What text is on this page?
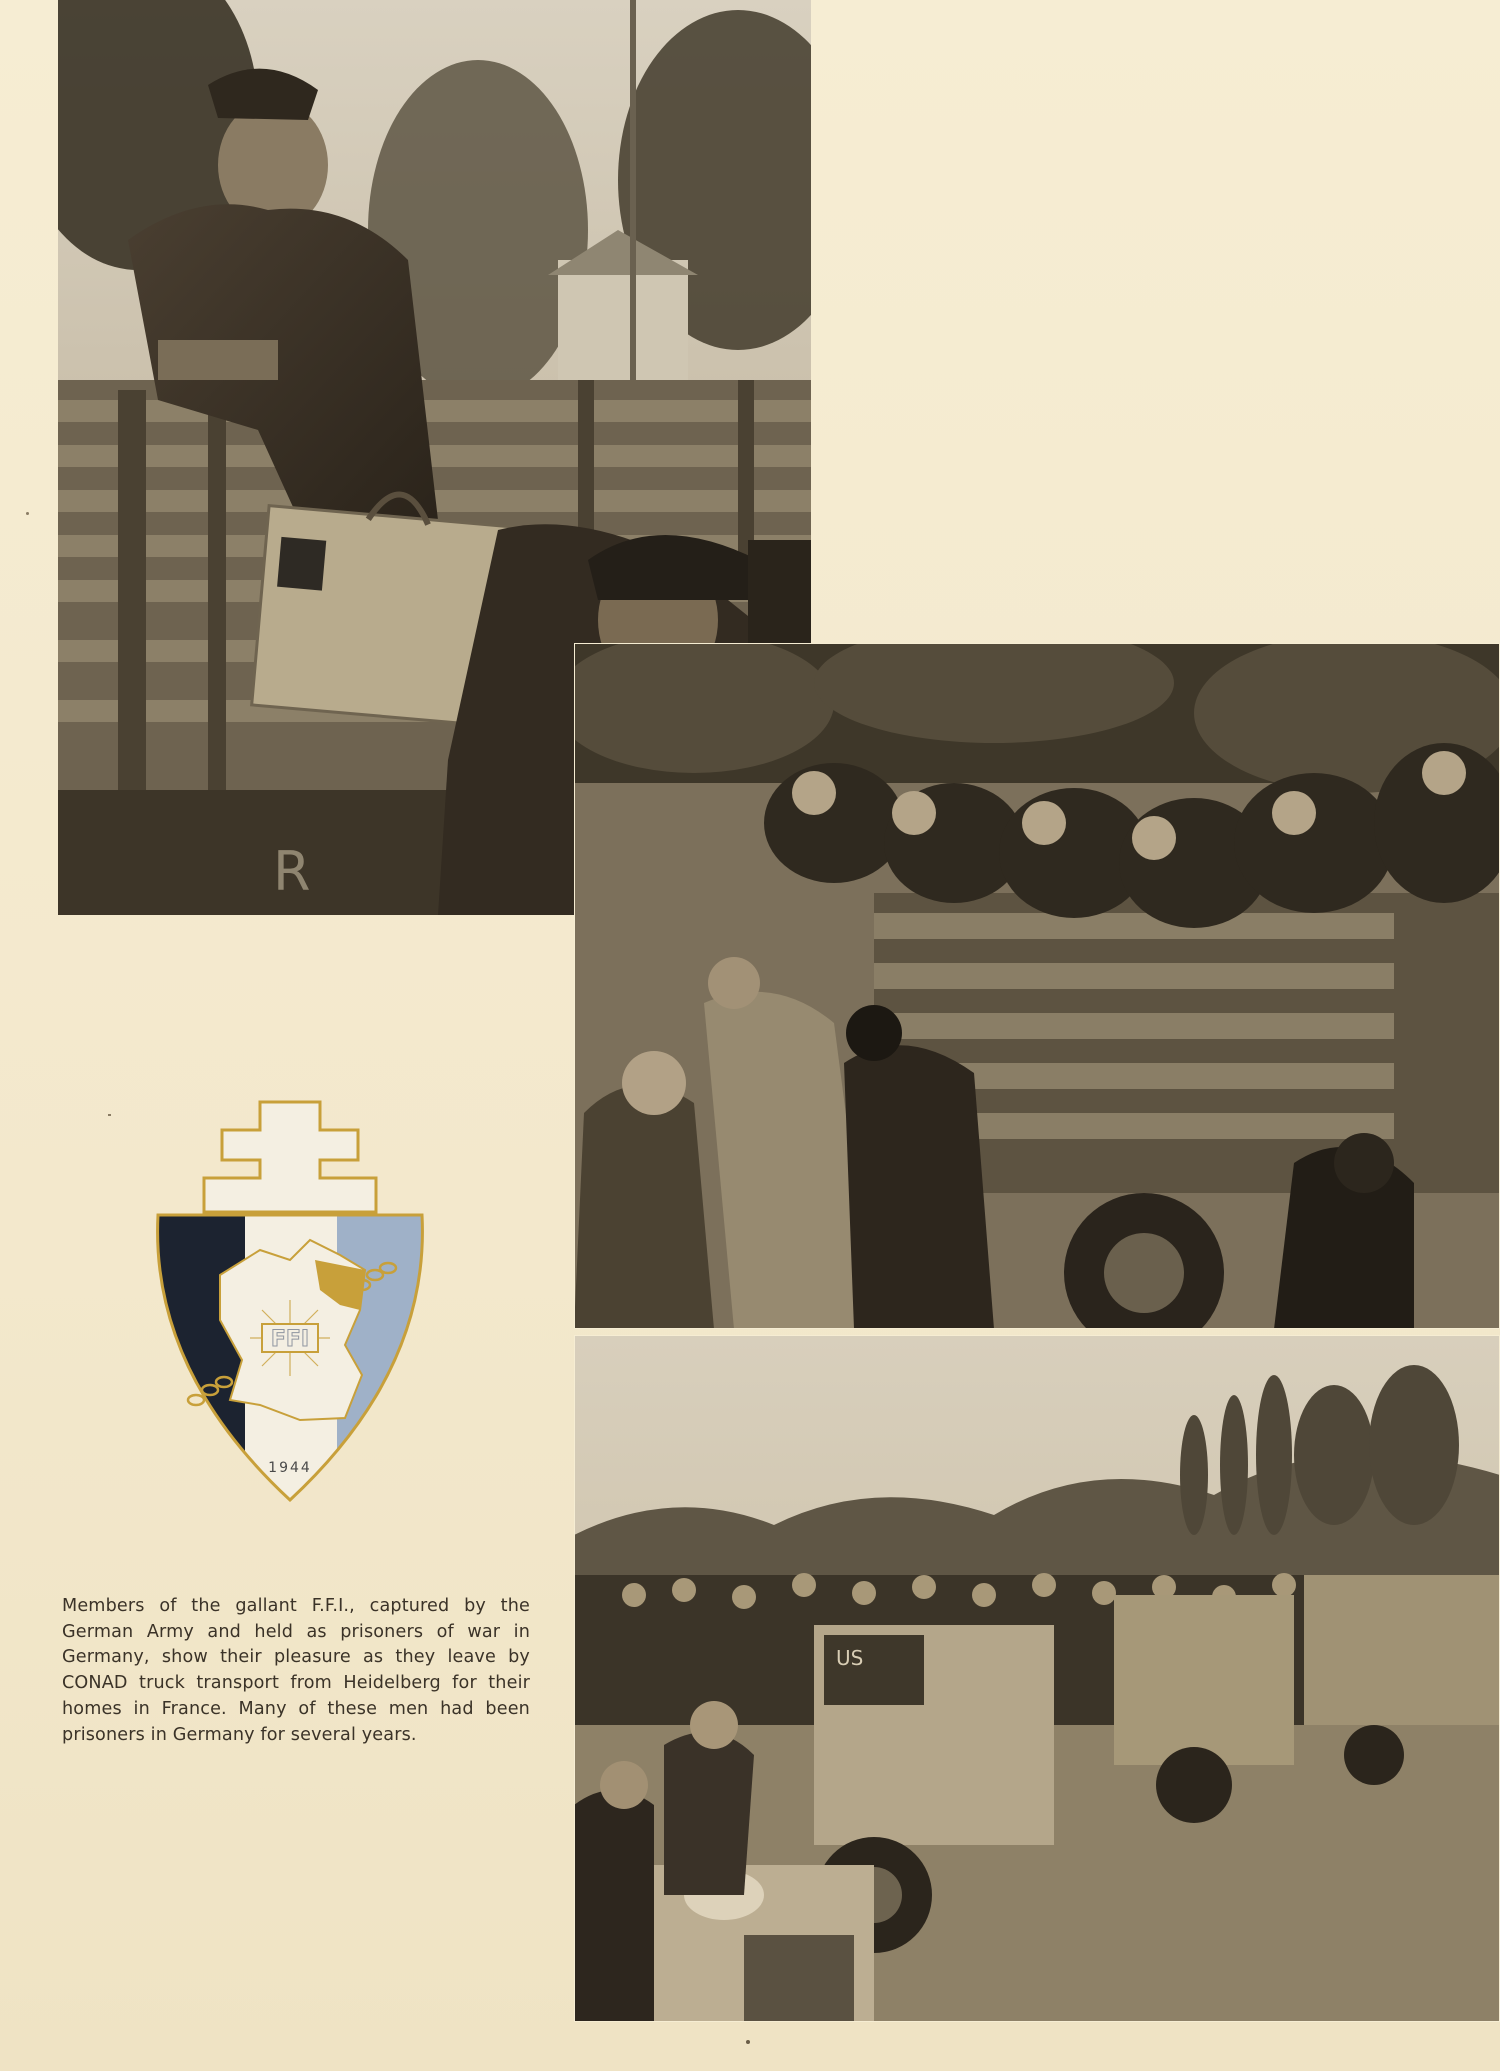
R
US
FFI
1944
Members of the gallant F.F.I., captured by the German Army and held as prisoners of war in Germany, show their pleasure as they leave by CONAD truck transport from Heidelberg for their homes in France. Many of these men had been prisoners in Germany for several years.
